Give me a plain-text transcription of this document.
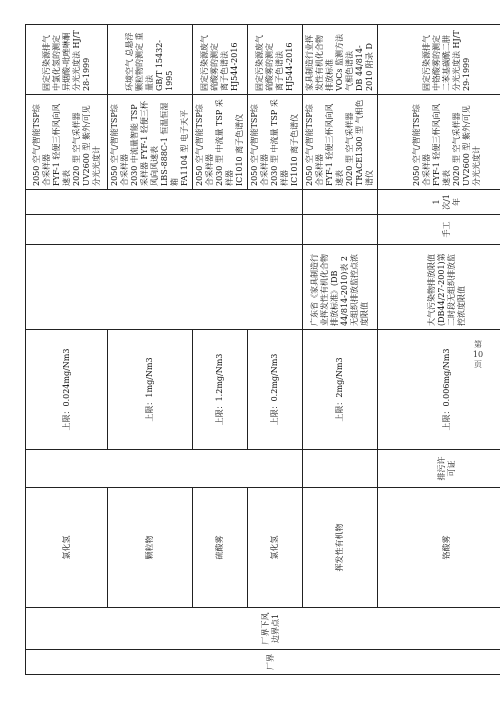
厂界	厂界下风边界点1	氯化氢		上限：0.024mg/Nm3				2050 空气/智能TSP综合采样器
FYF-1 轻便三杯风向风速表
2020 型 空气采样器
UV2600 型 紫外/可见分光光度计	固定污染源排气中氯化氢的测定
异烟酸-吡唑啉酮分光光度法 HJ/T 28-1999
		颗粒物		上限：1mg/Nm3				2050 空气/智能TSP综合采样器
2030 中流量智能 TSP 采样器 FYF-1 轻便三杯风向风速表
LBS-888C-1 恒温恒湿箱
FA1104 型 电子天平	环境空气 总悬浮颗粒物的测定 重量法
GB/T 15432-1995
		硫酸雾		上限：1.2mg/Nm3				2050 空气/智能TSP综合采样器
2030 型 中流量 TSP 采样器
IC1010 离子色谱仪	固定污染源废气 硫酸雾的测定
离子色谱法 HJ544-2016
		氯化氢		上限：0.2mg/Nm3				2050 空气/智能TSP综合采样器
2030 型 中流量 TSP 采样器
IC1010 离子色谱仪	固定污染源废气 硫酸雾的测定
离子色谱法 HJ544-2016
		挥发性有机物		上限：2mg/Nm3	广东省《家具制造行业挥发性有机化合物排放标准》(DB 44/814-2010)表 2 无组织排放监控点浓度限值			2050 空气/智能TSP综合采样器
FYF-1 轻便三杯风向风速表
2020 型 空气采样器
TRACE1300 型 气相色谱仪	家具制造行业挥发性有机化合物排放标准
VOCs 监测方法 气相色谱法
DB 44/814-2010 附录 D
		铬酸雾	排污许可证	上限：0.006mg/Nm3	大气污染物排放限值(DB44/27-2001)第二时段无组织排放监控浓度限值	手工	1次/1年	2050 空气/智能TSP综合采样器
FYF-1 轻便三杯风向风速表
2020 型 空气采样器
UV2600 型 紫外/可见分光光度计	固定污染源排气中铬酸雾的测定
二苯基碳酰二肼分光光度法 HJ/T 29-1999
第
10
页
